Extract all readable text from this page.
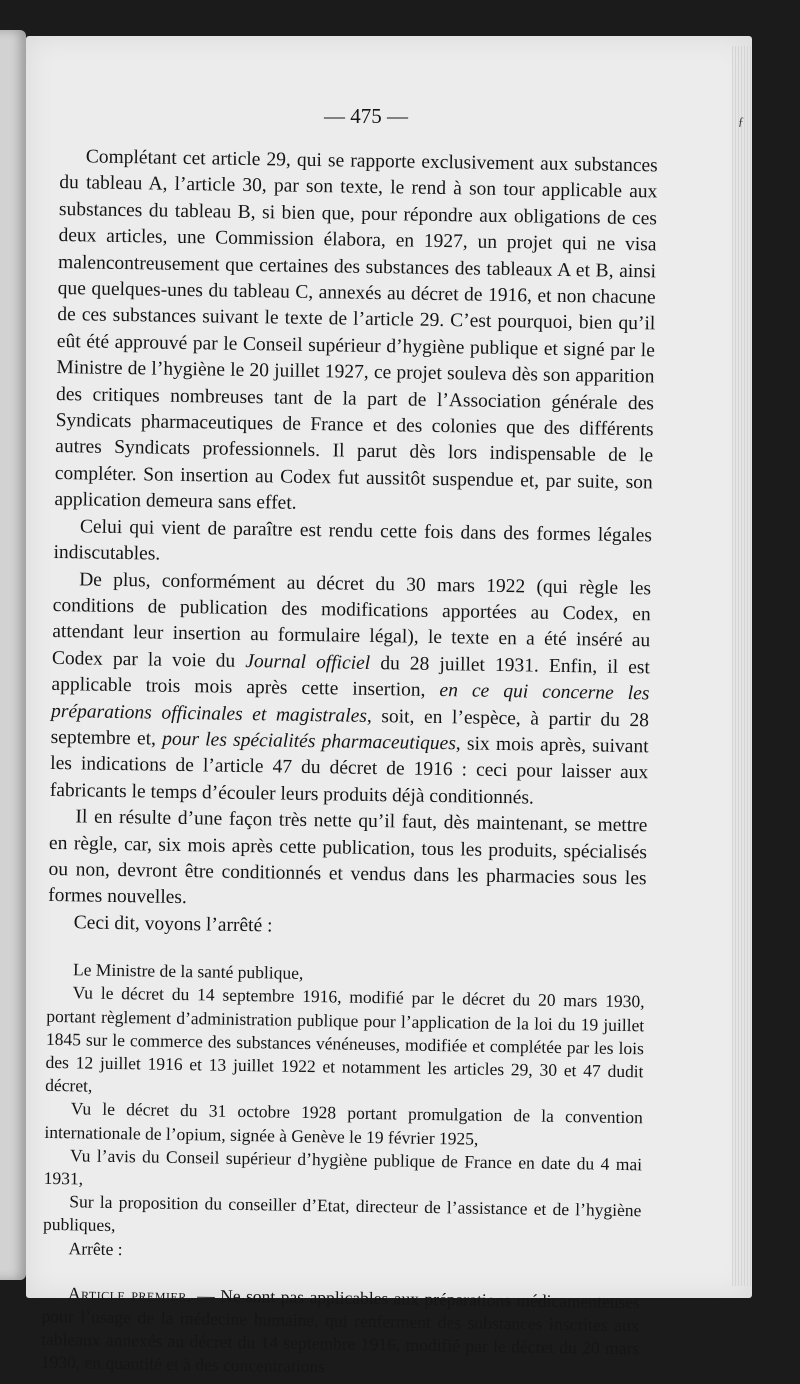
ƒ
— 475 —

Complétant cet article 29, qui se rapporte exclusivement aux substances du tableau A, l’article 30, par son texte, le rend à son tour applicable aux substances du tableau B, si bien que, pour répondre aux obligations de ces deux articles, une Commission élabora, en 1927, un projet qui ne visa malencontreusement que certaines des substances des tableaux A et B, ainsi que quelques-unes du tableau C, annexés au décret de 1916, et non chacune de ces substances suivant le texte de l’article 29. C’est pourquoi, bien qu’il eût été approuvé par le Conseil supérieur d’hygiène publique et signé par le Ministre de l’hygiène le 20 juillet 1927, ce projet souleva dès son apparition des critiques nombreuses tant de la part de l’Association générale des Syndicats pharmaceutiques de France et des colonies que des différents autres Syndicats professionnels. Il parut dès lors indispensable de le compléter. Son insertion au Codex fut aussitôt suspendue et, par suite, son application demeura sans effet.

Celui qui vient de paraître est rendu cette fois dans des formes légales indiscutables.

De plus, conformément au décret du 30 mars 1922 (qui règle les conditions de publication des modifications apportées au Codex, en attendant leur insertion au formulaire légal), le texte en a été inséré au Codex par la voie du Journal officiel du 28 juillet 1931. Enfin, il est applicable trois mois après cette insertion, en ce qui concerne les préparations officinales et magistrales, soit, en l’espèce, à partir du 28 septembre et, pour les spécialités pharmaceutiques, six mois après, suivant les indications de l’article 47 du décret de 1916 : ceci pour laisser aux fabricants le temps d’écouler leurs produits déjà conditionnés.

Il en résulte d’une façon très nette qu’il faut, dès maintenant, se mettre en règle, car, six mois après cette publication, tous les produits, spécialisés ou non, devront être conditionnés et vendus dans les pharmacies sous les formes nouvelles.

Ceci dit, voyons l’arrêté :

Le Ministre de la santé publique,

Vu le décret du 14 septembre 1916, modifié par le décret du 20 mars 1930, portant règlement d’administration publique pour l’application de la loi du 19 juillet 1845 sur le commerce des substances vénéneuses, modifiée et complétée par les lois des 12 juillet 1916 et 13 juillet 1922 et notamment les articles 29, 30 et 47 dudit décret,

Vu le décret du 31 octobre 1928 portant promulgation de la convention internationale de l’opium, signée à Genève le 19 février 1925,

Vu l’avis du Conseil supérieur d’hygiène publique de France en date du 4 mai 1931,

Sur la proposition du conseiller d’Etat, directeur de l’assistance et de l’hygiène publiques,

Arrête :

Article premier. — Ne sont pas applicables aux préparations médicamenteuses pour l’usage de la médecine humaine, qui renferment des substances inscrites aux tableaux annexés au décret du 14 septembre 1916, modifié par le décret du 20 mars 1930, en quantité et à des concentrations
